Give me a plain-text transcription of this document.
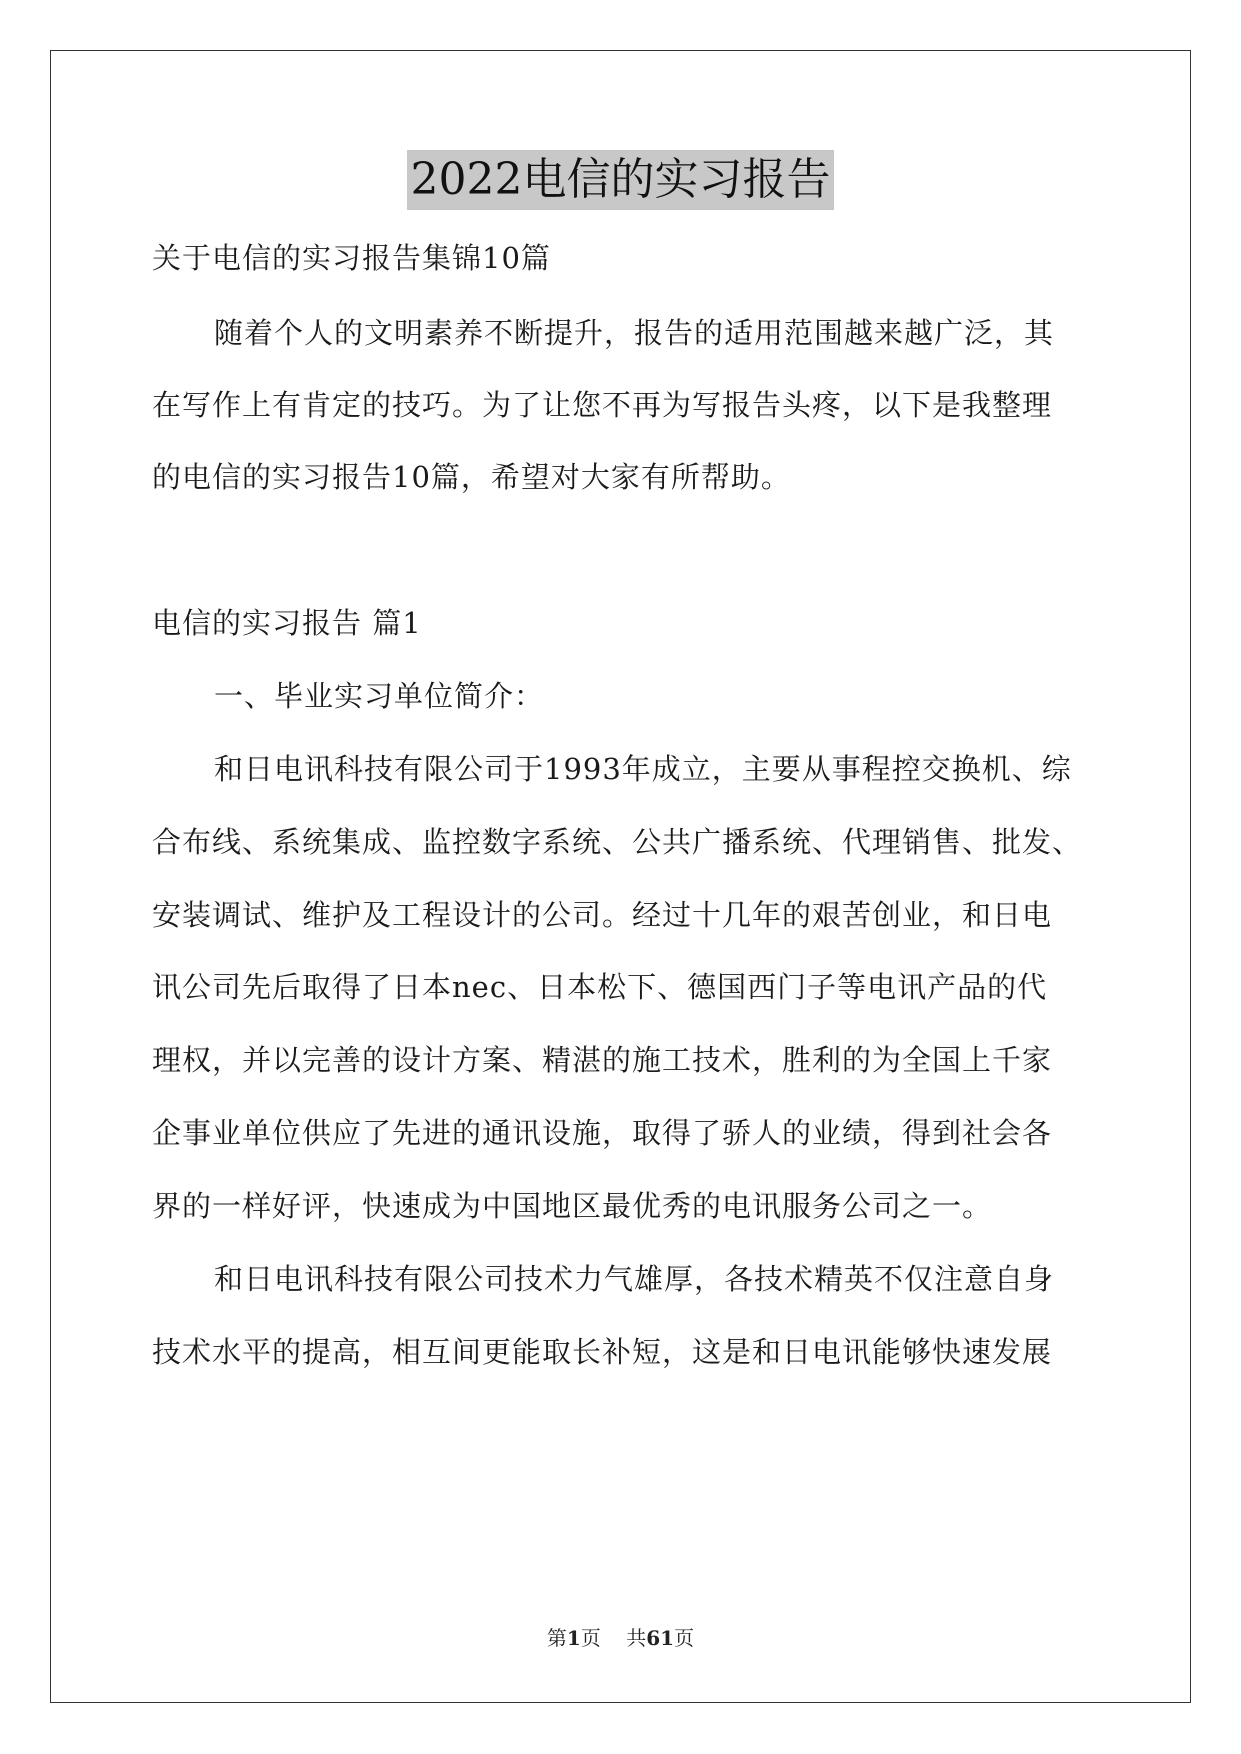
2022电信的实习报告
关于电信的实习报告集锦10篇
随着个人的文明素养不断提升，报告的适用范围越来越广泛，其
在写作上有肯定的技巧。为了让您不再为写报告头疼，以下是我整理
的电信的实习报告10篇，希望对大家有所帮助。
电信的实习报告 篇1
一、毕业实习单位简介：
和日电讯科技有限公司于1993年成立，主要从事程控交换机、综
合布线、系统集成、监控数字系统、公共广播系统、代理销售、批发、
安装调试、维护及工程设计的公司。经过十几年的艰苦创业，和日电
讯公司先后取得了日本nec、日本松下、德国西门子等电讯产品的代
理权，并以完善的设计方案、精湛的施工技术，胜利的为全国上千家
企事业单位供应了先进的通讯设施，取得了骄人的业绩，得到社会各
界的一样好评，快速成为中国地区最优秀的电讯服务公司之一。
和日电讯科技有限公司技术力气雄厚，各技术精英不仅注意自身
技术水平的提高，相互间更能取长补短，这是和日电讯能够快速发展
第1页    共61页
